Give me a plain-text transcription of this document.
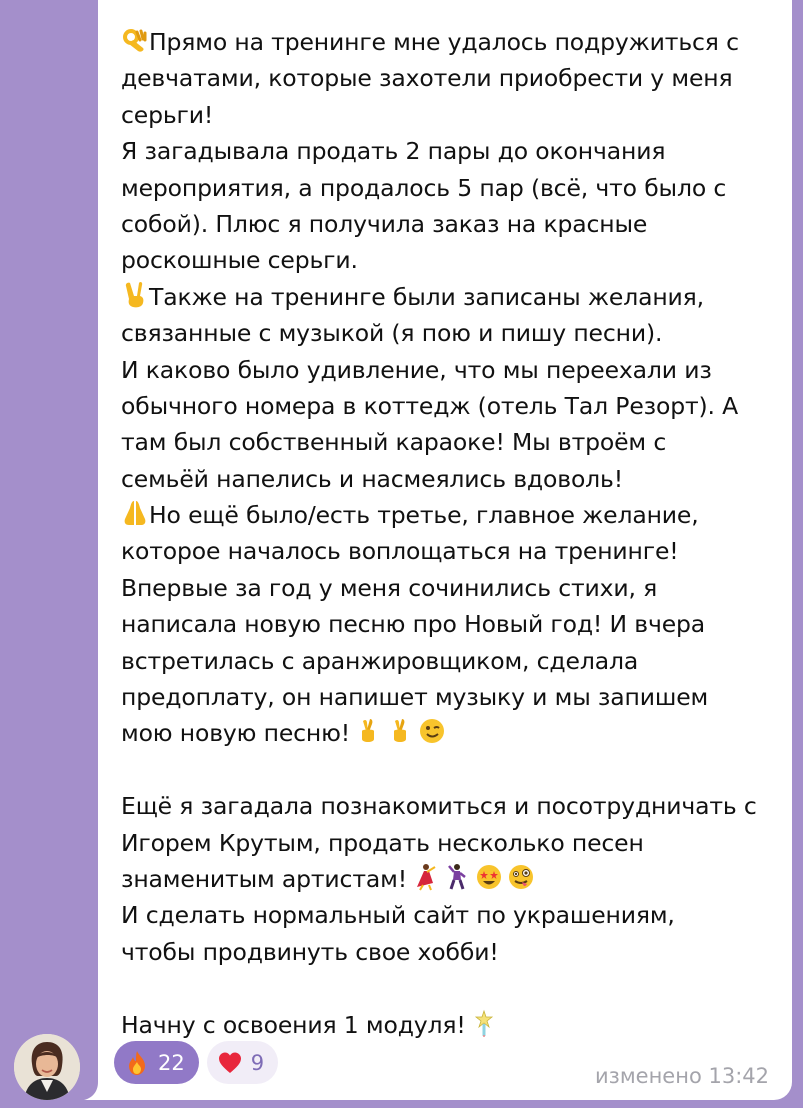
Прямо на тренинге мне удалось подружиться с
девчатами, которые захотели приобрести у меня
серьги!
Я загадывала продать 2 пары до окончания
мероприятия, а продалось 5 пар (всё, что было с
собой). Плюс я получила заказ на красные
роскошные серьги.
Также на тренинге были записаны желания,
связанные с музыкой (я пою и пишу песни).
И каково было удивление, что мы переехали из
обычного номера в коттедж (отель Тал Резорт). А
там был собственный караоке! Мы втроём с
семьёй напелись и насмеялись вдоволь!
Но ещё было/есть третье, главное желание,
которое началось воплощаться на тренинге!
Впервые за год у меня сочинились стихи, я
написала новую песню про Новый год! И вчера
встретилась с аранжировщиком, сделала
предоплату, он напишет музыку и мы запишем
мою новую песню!
Ещё я загадала познакомиться и посотрудничать с
Игорем Крутым, продать несколько песен
знаменитым артистам!
И сделать нормальный сайт по украшениям,
чтобы продвинуть свое хобби!
Начну с освоения 1 модуля!
22	9
изменено 13:42
